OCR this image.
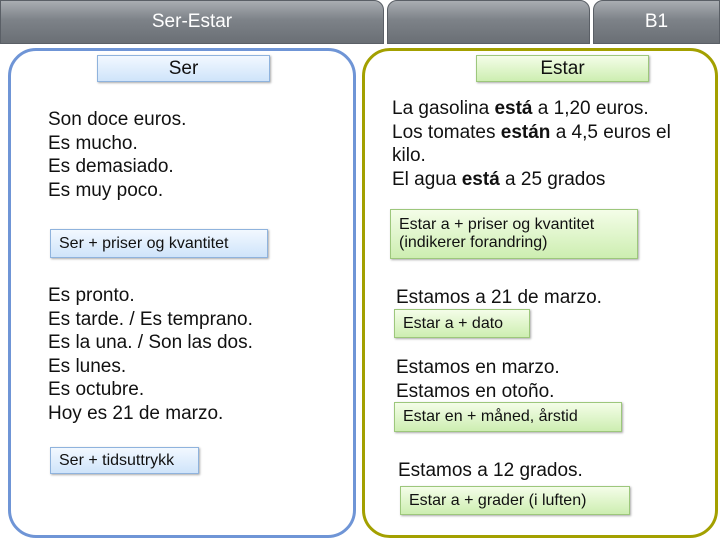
Ser-Estar	B1
Ser
Son doce euros.
Es mucho.
Es demasiado.
Es muy poco.
Ser + priser og kvantitet
Es pronto.
Es tarde. / Es temprano.
Es la una. / Son las dos.
Es lunes.
Es octubre.
Hoy es 21 de marzo.
Ser + tidsuttrykk
Estar
La gasolina está a 1,20 euros.
Los tomates están a 4,5 euros el
kilo.
El agua está a 25 grados
Estar a + priser og kvantitet
(indikerer forandring)
Estamos a 21 de marzo.
Estar a + dato
Estamos en marzo.
Estamos en otoño.
Estar en + måned, årstid
Estamos a 12 grados.
Estar a + grader (i luften)
